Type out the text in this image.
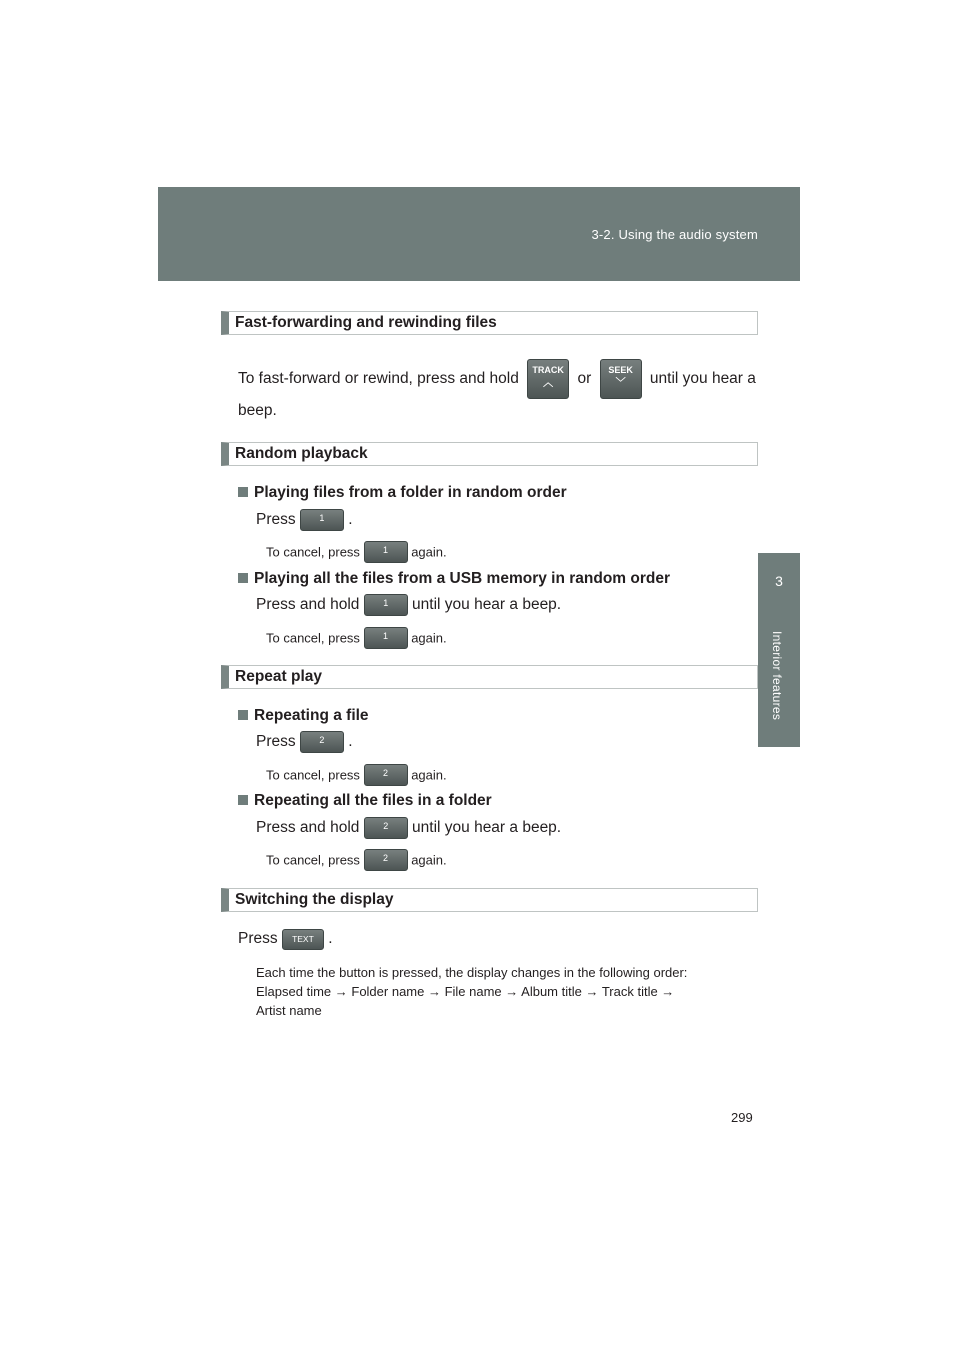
3-2. Using the audio system
3
Interior features
Fast-forwarding and rewinding files
To fast-forward or rewind, press and hold TRACK
︿	or SEEK
﹀	until you hear a
beep.
Random playback
Playing files from a folder in random order
Press	1 .
To cancel, press	1 again.
Playing all the files from a USB memory in random order
Press and hold	1 until you hear a beep.
To cancel, press	1 again.
Repeat play
Repeating a file
Press	2 .
To cancel, press	2 again.
Repeating all the files in a folder
Press and hold	2 until you hear a beep.
To cancel, press	2 again.
Switching the display
Press TEXT .
Each time the button is pressed, the display changes in the following order:
Elapsed time → Folder name → File name → Album title → Track title →
Artist name
299
